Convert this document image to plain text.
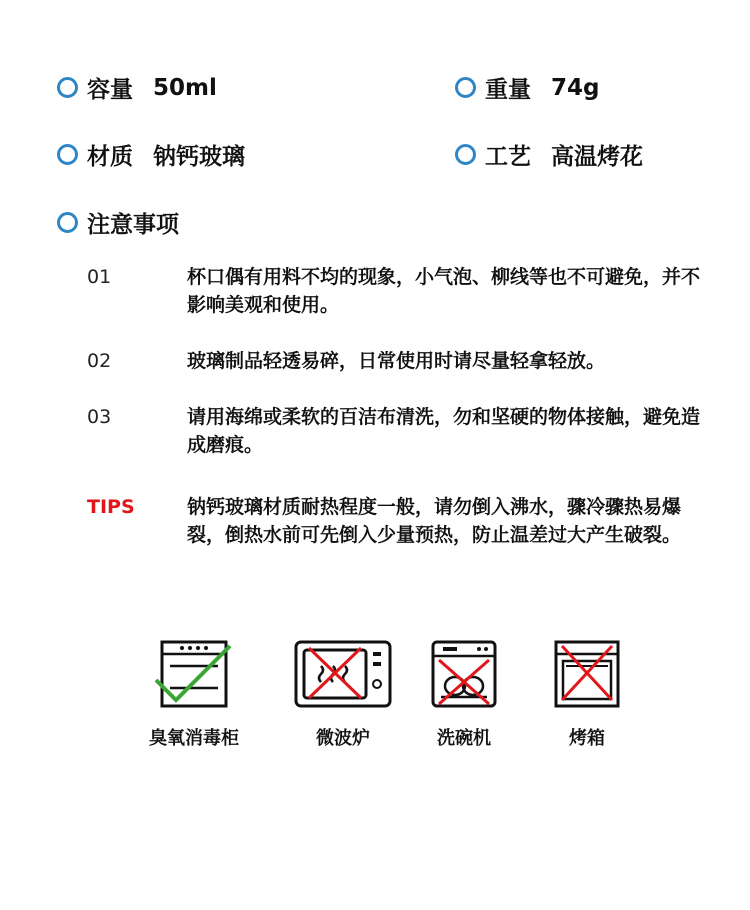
容量 50ml	重量 74g
材质 钠钙玻璃	工艺 高温烤花
注意事项
01	杯口偶有用料不均的现象，小气泡、柳线等也不可避免，并不影响美观和使用。
02	玻璃制品轻透易碎，日常使用时请尽量轻拿轻放。
03	请用海绵或柔软的百洁布清洗，勿和坚硬的物体接触，避免造成磨痕。
TIPS	钠钙玻璃材质耐热程度一般，请勿倒入沸水，骤冷骤热易爆裂，倒热水前可先倒入少量预热，防止温差过大产生破裂。
臭氧消毒柜	微波炉	洗碗机	烤箱
